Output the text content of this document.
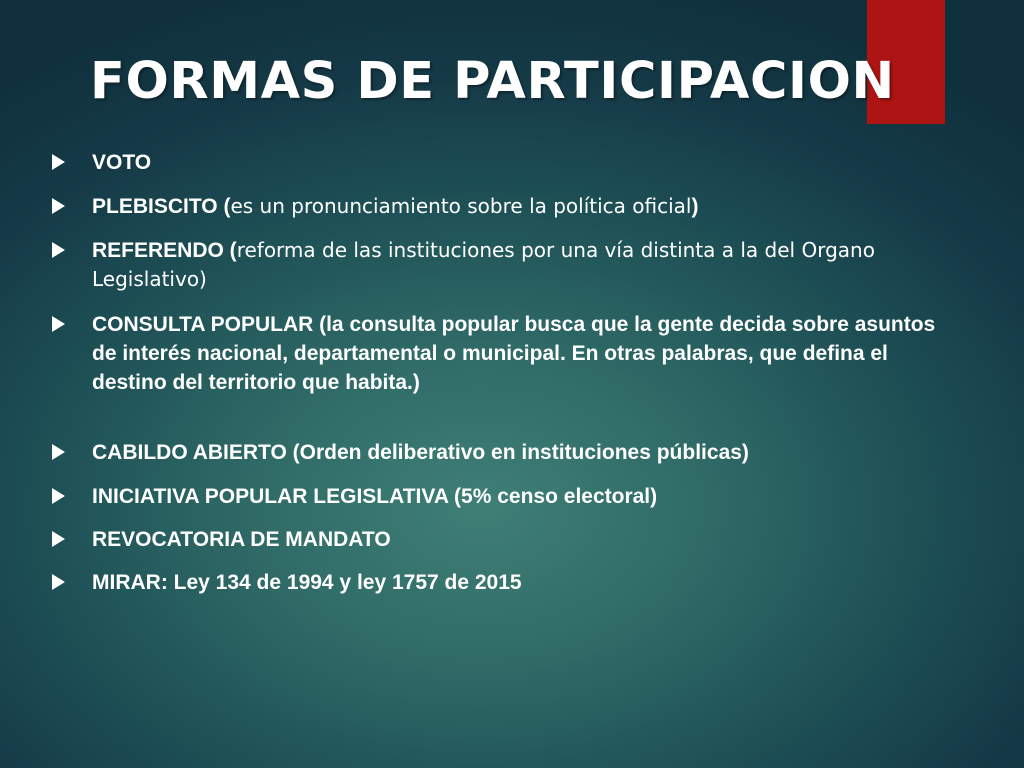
FORMAS DE PARTICIPACION
VOTO
PLEBISCITO (es un pronunciamiento sobre la política oficial)
REFERENDO (reforma de las instituciones por una vía distinta a la del Organo Legislativo)
CONSULTA POPULAR (la consulta popular busca que la gente decida sobre asuntos de interés nacional, departamental o municipal. En otras palabras, que defina el destino del territorio que habita.)
CABILDO ABIERTO (Orden deliberativo en instituciones públicas)
INICIATIVA POPULAR LEGISLATIVA (5% censo electoral)
REVOCATORIA DE MANDATO
MIRAR: Ley 134 de 1994 y ley 1757 de 2015
